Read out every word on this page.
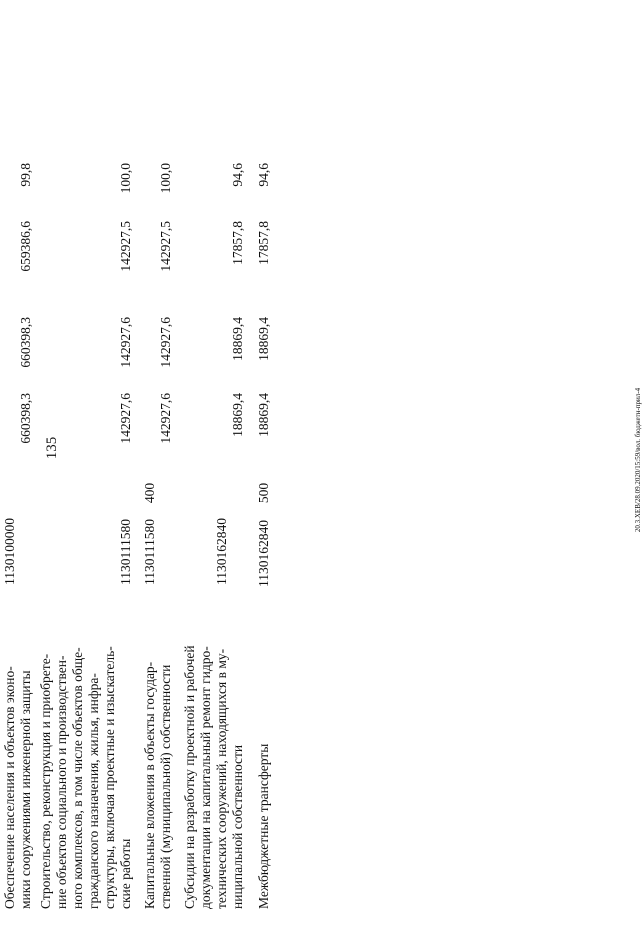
135	20.3.ХЕВ/28.09.2020/15:59/вол. бюджетн-прил-4
Обеспечение населения и объектов эконо- мики сооружениями инженерной защиты
1130100000
660398,3
660398,3
659386,6
99,8
Строительство, реконструкция и приобрете- ние объектов социального и производствен- ного комплексов, в том числе объектов обще- гражданского назначения, жилья, инфра- структуры, включая проектные и изыскатель- ские работы
1130111580
142927,6
142927,6
142927,5
100,0
Капитальные вложения в объекты государ- ственной (муниципальной) собственности
1130111580
400
142927,6
142927,6
142927,5
100,0
Субсидии на разработку проектной и рабочей документации на капитальный ремонт гидро- технических сооружений, находящихся в му- ниципальной собственности
1130162840
18869,4
18869,4
17857,8
94,6
Межбюджетные трансферты
1130162840
500
18869,4
18869,4
17857,8
94,6
